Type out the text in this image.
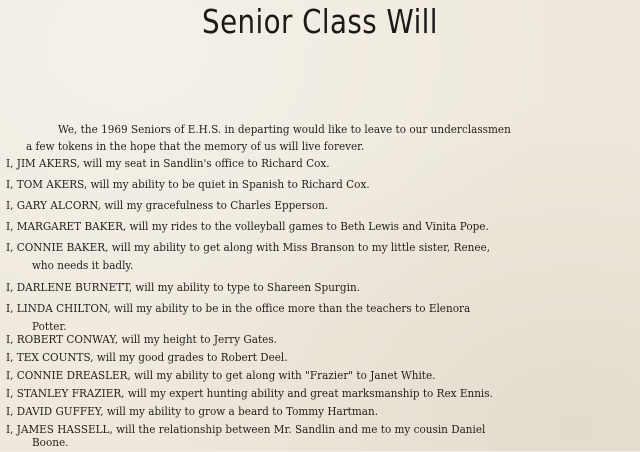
Senior Class Will
We, the 1969 Seniors of E.H.S. in departing would like to leave to our underclassmen
a few tokens in the hope that the memory of us will live forever.
I, JIM AKERS, will my seat in Sandlin's office to Richard Cox.
I, TOM AKERS, will my ability to be quiet in Spanish to Richard Cox.
I, GARY ALCORN, will my gracefulness to Charles Epperson.
I, MARGARET BAKER, will my rides to the volleyball games to Beth Lewis and Vinita Pope.
I, CONNIE BAKER, will my ability to get along with Miss Branson to my little sister, Renee,
who needs it badly.
I, DARLENE BURNETT, will my ability to type to Shareen Spurgin.
I, LINDA CHILTON, will my ability to be in the office more than the teachers to Elenora
Potter.
I, ROBERT CONWAY, will my height to Jerry Gates.
I, TEX COUNTS, will my good grades to Robert Deel.
I, CONNIE DREASLER, will my ability to get along with "Frazier" to Janet White.
I, STANLEY FRAZIER, will my expert hunting ability and great marksmanship to Rex Ennis.
I, DAVID GUFFEY, will my ability to grow a beard to Tommy Hartman.
I, JAMES HASSELL, will the relationship between Mr. Sandlin and me to my cousin Daniel
Boone.
